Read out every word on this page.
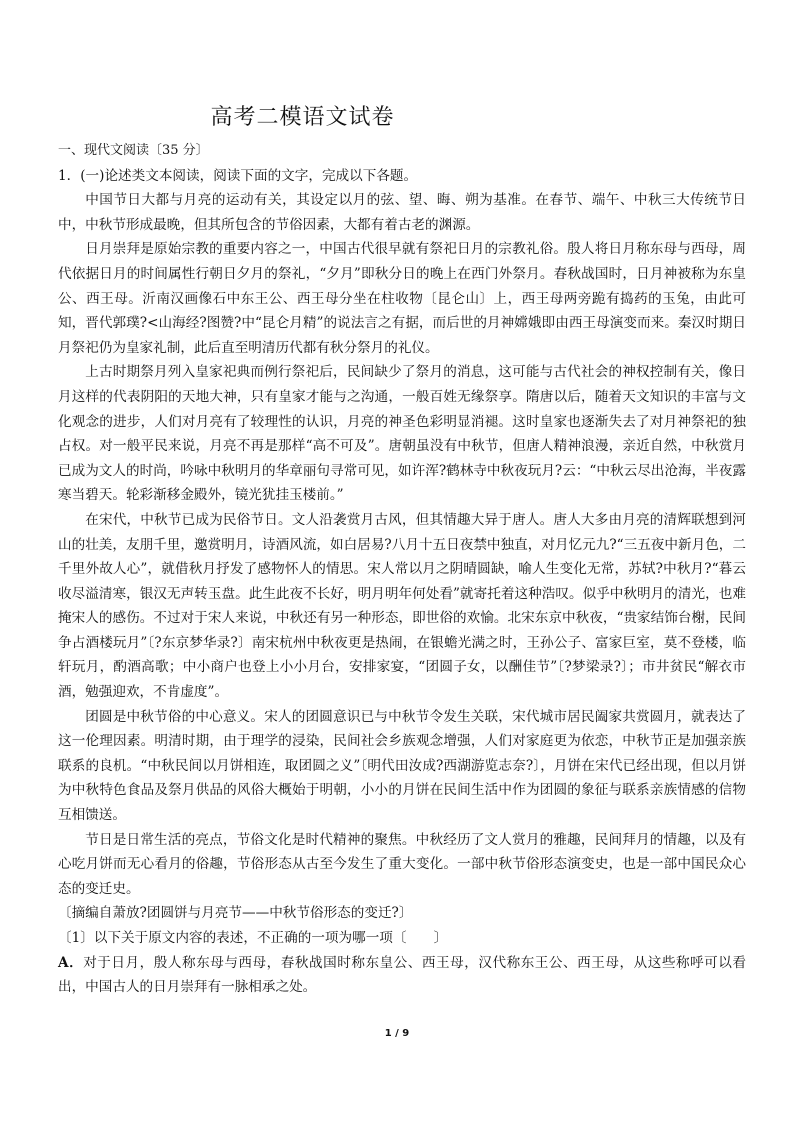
高考二模语文试卷

一、现代文阅读〔35 分〕

1．(一)论述类文本阅读，阅读下面的文字，完成以下各题。

中国节日大都与月亮的运动有关，其设定以月的弦、望、晦、朔为基准。在春节、端午、中秋三大传统节日中，中秋节形成最晚，但其所包含的节俗因素，大都有着古老的渊源。

日月崇拜是原始宗教的重要内容之一，中国古代很早就有祭祀日月的宗教礼俗。殷人将日月称东母与西母，周代依据日月的时间属性行朝日夕月的祭礼，“夕月”即秋分日的晚上在西门外祭月。春秋战国时，日月神被称为东皇公、西王母。沂南汉画像石中东王公、西王母分坐在柱收物〔昆仑山〕上，西王母两旁跪有捣药的玉兔，由此可知，晋代郭璞?<山海经?图赞?中“昆仑月精”的说法言之有据，而后世的月神嫦娥即由西王母演变而来。秦汉时期日月祭祀仍为皇家礼制，此后直至明清历代都有秋分祭月的礼仪。

上古时期祭月列入皇家祀典而例行祭祀后，民间缺少了祭月的消息，这可能与古代社会的神权控制有关，像日月这样的代表阴阳的天地大神，只有皇家才能与之沟通，一般百姓无缘祭享。隋唐以后，随着天文知识的丰富与文化观念的进步，人们对月亮有了较理性的认识，月亮的神圣色彩明显消褪。这时皇家也逐渐失去了对月神祭祀的独占权。对一般平民来说，月亮不再是那样“高不可及”。唐朝虽没有中秋节，但唐人精神浪漫，亲近自然，中秋赏月已成为文人的时尚，吟咏中秋明月的华章丽句寻常可见，如许浑?鹤林寺中秋夜玩月?云：“中秋云尽出沧海，半夜露寒当碧天。轮彩渐移金殿外，镜光犹挂玉楼前。”

在宋代，中秋节已成为民俗节日。文人沿袭赏月古风，但其情趣大异于唐人。唐人大多由月亮的清辉联想到河山的壮美，友朋千里，邀赏明月，诗酒风流，如白居易?八月十五日夜禁中独直，对月忆元九?“三五夜中新月色，二千里外故人心”，就借秋月抒发了感物怀人的情思。宋人常以月之阴晴圆缺，喻人生变化无常，苏轼?中秋月?“暮云收尽溢清寒，银汉无声转玉盘。此生此夜不长好，明月明年何处看”就寄托着这种浩叹。似乎中秋明月的清光，也难掩宋人的感伤。不过对于宋人来说，中秋还有另一种形态，即世俗的欢愉。北宋东京中秋夜，“贵家结饰台榭，民间争占酒楼玩月”〔?东京梦华录?〕南宋杭州中秋夜更是热闹，在银蟾光满之时，王孙公子、富家巨室，莫不登楼，临轩玩月，酌酒高歌；中小商户也登上小小月台，安排家宴，“团圆子女，以酬佳节”〔?梦梁录?〕；市井贫民“解衣市酒，勉强迎欢，不肯虚度”。

团圆是中秋节俗的中心意义。宋人的团圆意识已与中秋节令发生关联，宋代城市居民阖家共赏圆月，就表达了这一伦理因素。明清时期，由于理学的浸染，民间社会乡族观念增强，人们对家庭更为依恋，中秋节正是加强亲族联系的良机。“中秋民间以月饼相连，取团圆之义”〔明代田汝成?西湖游览志奈?〕，月饼在宋代已经出现，但以月饼为中秋特色食品及祭月供品的风俗大概始于明朝，小小的月饼在民间生活中作为团圆的象征与联系亲族情感的信物互相馈送。

节日是日常生活的亮点，节俗文化是时代精神的聚焦。中秋经历了文人赏月的雅趣，民间拜月的情趣，以及有心吃月饼而无心看月的俗趣，节俗形态从古至今发生了重大变化。一部中秋节俗形态演变史，也是一部中国民众心态的变迁史。

〔摘编自萧放?团圆饼与月亮节——中秋节俗形态的变迁?〕

〔1〕以下关于原文内容的表述，不正确的一项为哪一项〔　　〕

A．对于日月，殷人称东母与西母，春秋战国时称东皇公、西王母，汉代称东王公、西王母，从这些称呼可以看出，中国古人的日月崇拜有一脉相承之处。

1 / 9
